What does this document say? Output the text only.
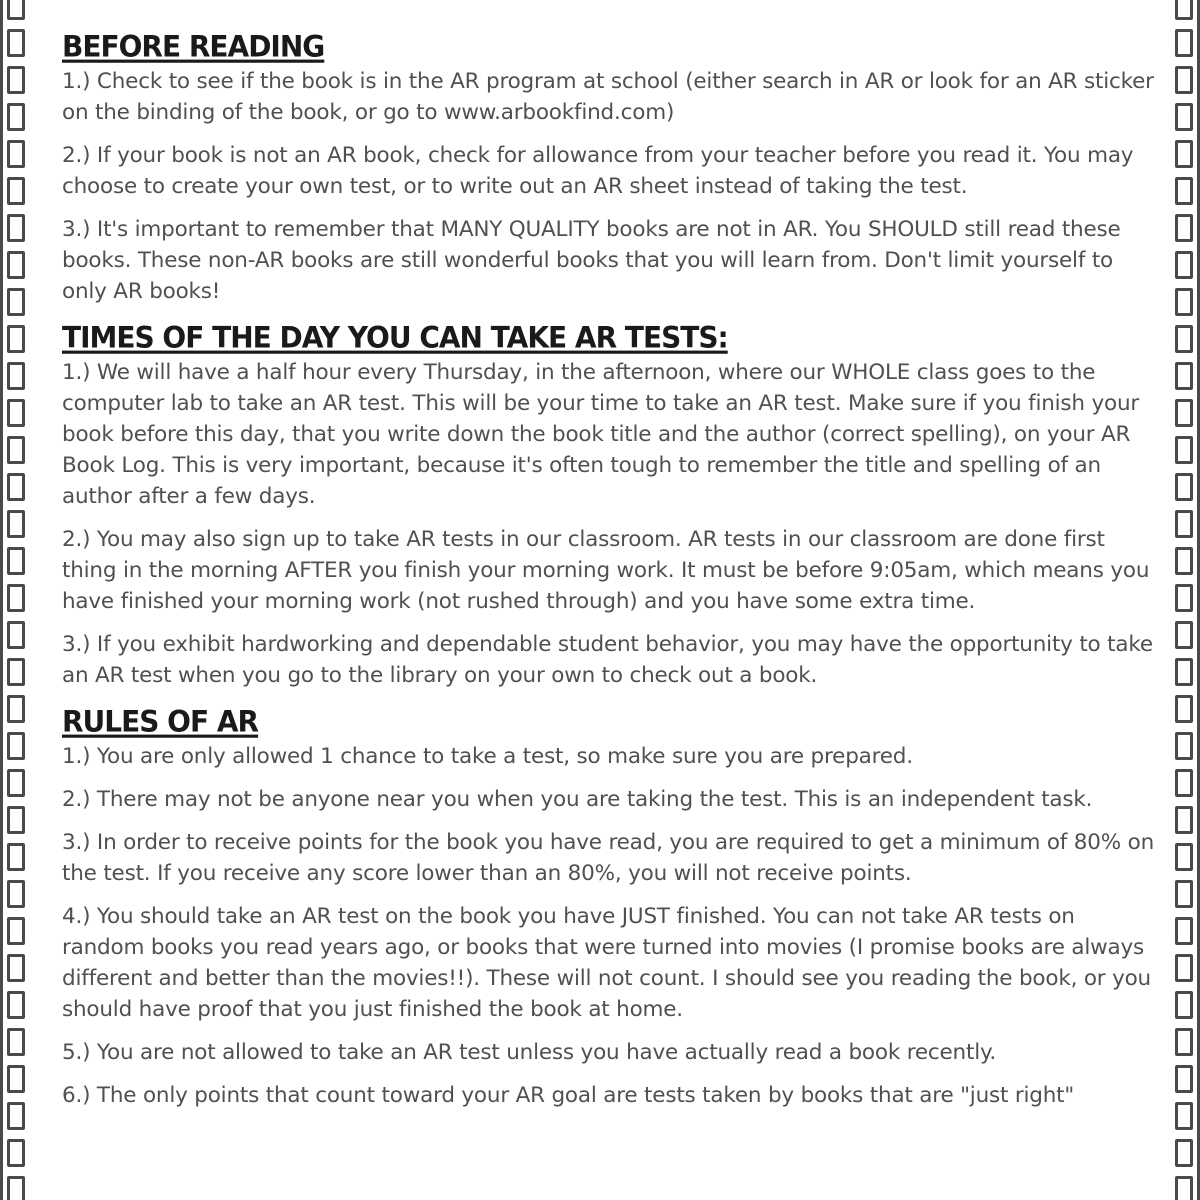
BEFORE READING

1.) Check to see if the book is in the AR program at school (either search in AR or look for an AR sticker on the binding of the book, or go to www.arbookfind.com)

2.) If your book is not an AR book, check for allowance from your teacher before you read it. You may choose to create your own test, or to write out an AR sheet instead of taking the test.

3.) It's important to remember that MANY QUALITY books are not in AR. You SHOULD still read these books. These non-AR books are still wonderful books that you will learn from. Don't limit yourself to only AR books!

TIMES OF THE DAY YOU CAN TAKE AR TESTS:

1.) We will have a half hour every Thursday, in the afternoon, where our WHOLE class goes to the computer lab to take an AR test. This will be your time to take an AR test. Make sure if you finish your book before this day, that you write down the book title and the author (correct spelling), on your AR Book Log. This is very important, because it's often tough to remember the title and spelling of an author after a few days.

2.) You may also sign up to take AR tests in our classroom. AR tests in our classroom are done first thing in the morning AFTER you finish your morning work. It must be before 9:05am, which means you have finished your morning work (not rushed through) and you have some extra time.

3.) If you exhibit hardworking and dependable student behavior, you may have the opportunity to take an AR test when you go to the library on your own to check out a book.

RULES OF AR

1.) You are only allowed 1 chance to take a test, so make sure you are prepared.

2.) There may not be anyone near you when you are taking the test. This is an independent task.

3.) In order to receive points for the book you have read, you are required to get a minimum of 80% on the test. If you receive any score lower than an 80%, you will not receive points.

4.) You should take an AR test on the book you have JUST finished. You can not take AR tests on random books you read years ago, or books that were turned into movies (I promise books are always different and better than the movies!!). These will not count. I should see you reading the book, or you should have proof that you just finished the book at home.

5.) You are not allowed to take an AR test unless you have actually read a book recently.

6.) The only points that count toward your AR goal are tests taken by books that are "just right"
